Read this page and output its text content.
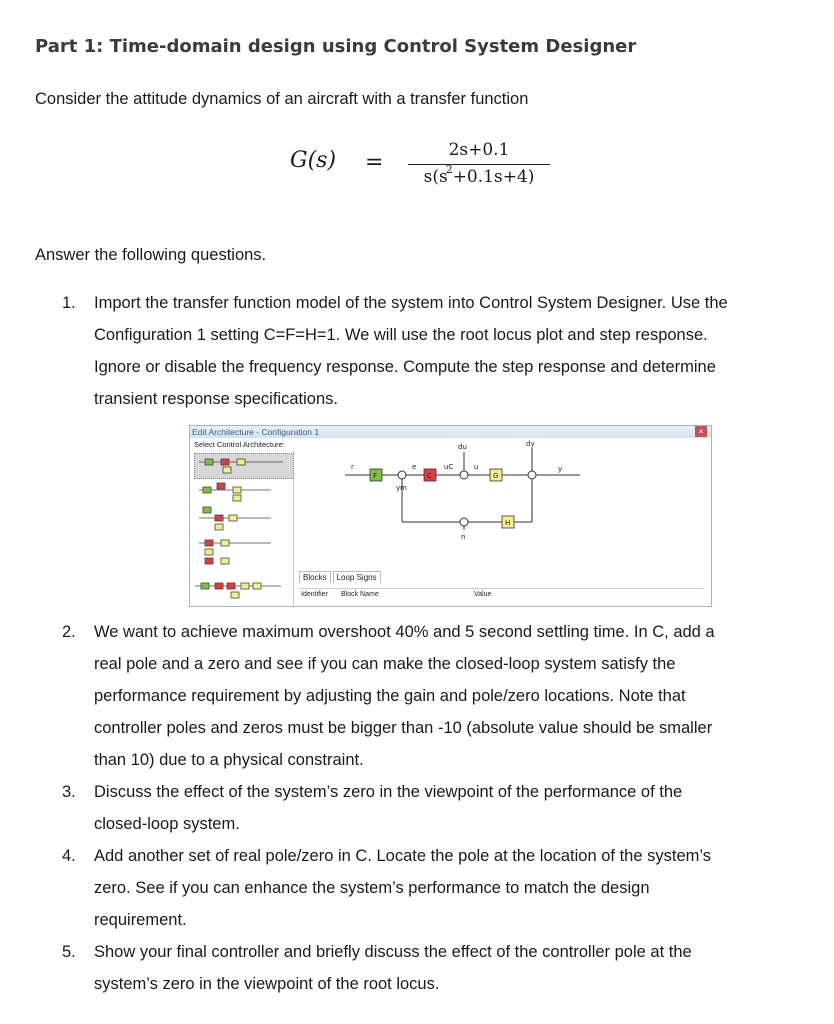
Part 1: Time-domain design using Control System Designer
Consider the attitude dynamics of an aircraft with a transfer function
G(s) =	2s+0.1
$s(s^2+0.1s+4)$
Answer the following questions.
1. Import the transfer function model of the system into Control System Designer. Use the
Configuration 1 setting C=F=H=1. We will use the root locus plot and step response.
Ignore or disable the frequency response. Compute the step response and determine
transient response specifications.
Edit Architecture - Configuration 1	×
Select Control Architecture:
F	C	G
H
r	e
ym
uC	u
du	dy
y
n
Blocks Loop Signs
Identifier Block Name	Value
2. We want to achieve maximum overshoot 40% and 5 second settling time. In C, add a
real pole and a zero and see if you can make the closed-loop system satisfy the
performance requirement by adjusting the gain and pole/zero locations. Note that
controller poles and zeros must be bigger than -10 (absolute value should be smaller
than 10) due to a physical constraint.
3. Discuss the effect of the system’s zero in the viewpoint of the performance of the
closed-loop system.
4. Add another set of real pole/zero in C. Locate the pole at the location of the system’s
zero. See if you can enhance the system’s performance to match the design
requirement.
5. Show your final controller and briefly discuss the effect of the controller pole at the
system’s zero in the viewpoint of the root locus.
